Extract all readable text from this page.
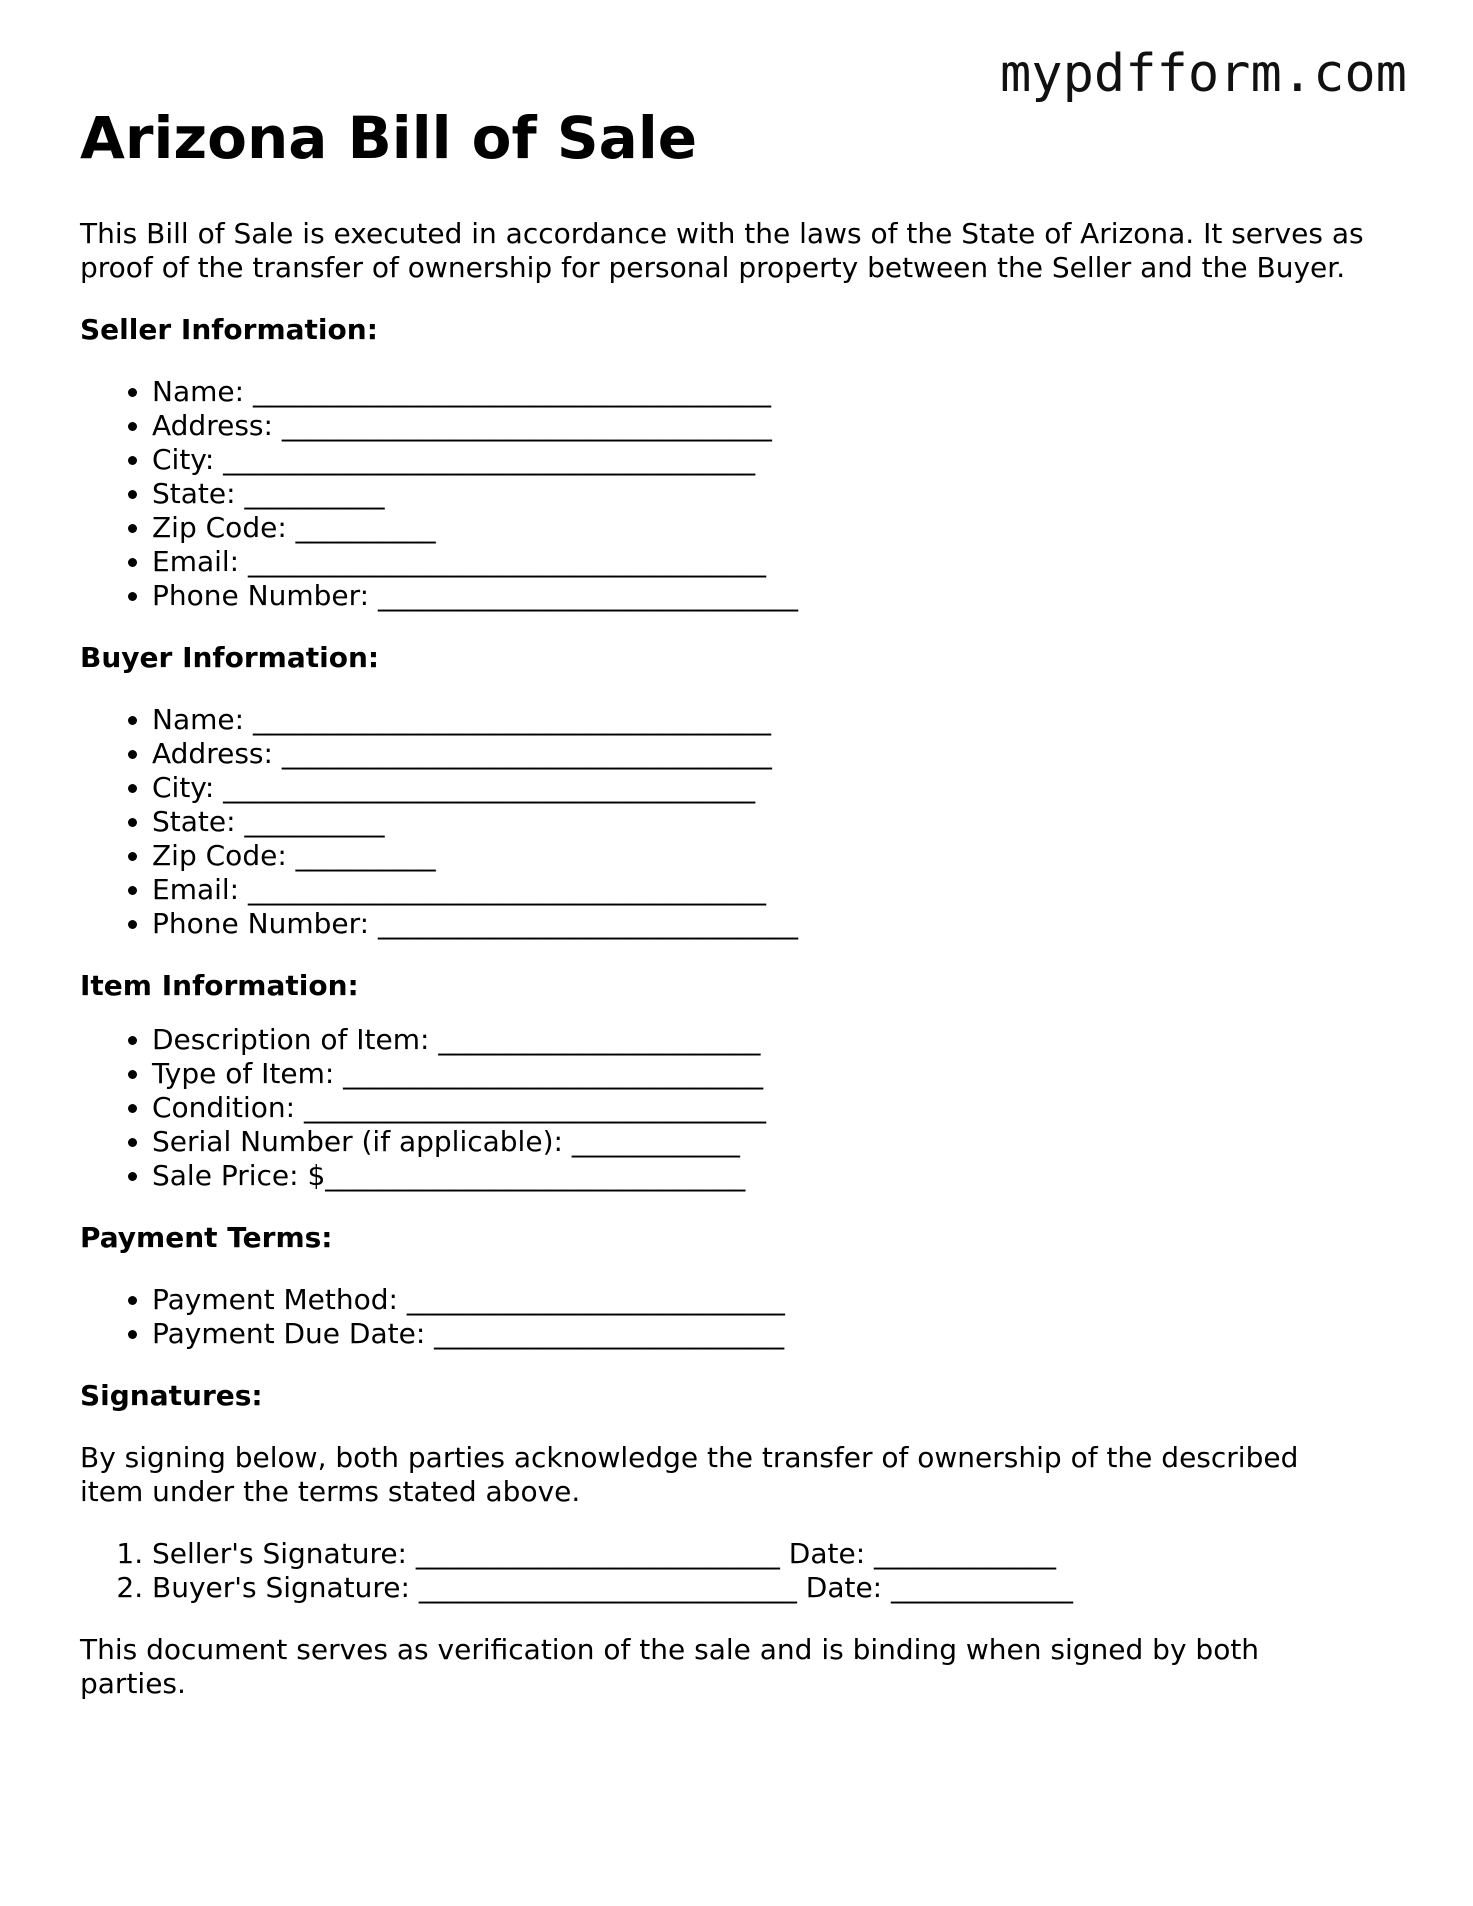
mypdfform.com
Arizona Bill of Sale

This Bill of Sale is executed in accordance with the laws of the State of Arizona. It serves as proof of the transfer of ownership for personal property between the Seller and the Buyer.

Seller Information:
• Name: _____________________________________
• Address: ___________________________________
• City: ______________________________________
• State: __________
• Zip Code: __________
• Email: _____________________________________
• Phone Number: ______________________________
Buyer Information:
• Name: _____________________________________
• Address: ___________________________________
• City: ______________________________________
• State: __________
• Zip Code: __________
• Email: _____________________________________
• Phone Number: ______________________________
Item Information:
• Description of Item: _______________________
• Type of Item: ______________________________
• Condition: _________________________________
• Serial Number (if applicable): ____________
• Sale Price: $______________________________
Payment Terms:
• Payment Method: ___________________________
• Payment Due Date: _________________________
Signatures:

By signing below, both parties acknowledge the transfer of ownership of the described item under the terms stated above.

1. Seller's Signature: __________________________ Date: _____________
2. Buyer's Signature: ___________________________ Date: _____________

This document serves as verification of the sale and is binding when signed by both parties.
